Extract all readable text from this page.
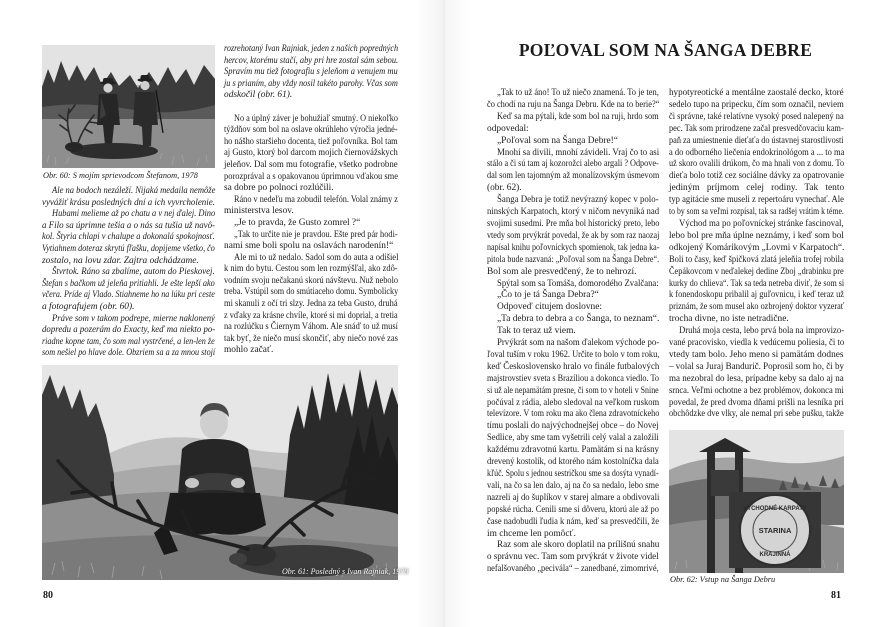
Obr. 60: S mojím sprievodcom Štefanom, 1978
Ale na bodoch nezáleží. Nijaká medaila nemôže
vyvážiť krásu posledných dní a ich vyvrcholenie.
Hubami melieme až po chatu a v nej ďalej. Dino
a Filo sa úprimne tešia a o nás sa tušia už navô-
kol. Štyria chlapi v chalupe a dokonalá spokojnosť.
Vytiahnem doteraz skrytú fľašku, dopijeme všetko, čo
zostalo, na lovu zdar. Zajtra odchádzame.
Štvrtok. Ráno sa zbalíme, autom do Pieskovej.
Štefan s bačkom už jeleňa pritiahli. Je ešte lepší ako
včera. Príde aj Vlado. Stiahneme ho na lúku pri ceste
a fotografujem (obr. 60).
Práve som v takom podrepe, mierne naklonený
dopredu a pozerám do Exacty, keď ma niekto po-
riadne kopne tam, čo som mal vystrčené, a len-len že
som nešiel po hlave dole. Obzriem sa a za mnou stojí
rozrehotaný Ivan Rajniak, jeden z našich popredných
hercov, ktorému stačí, aby pri hre zostal sám sebou.
Spravím mu tiež fotografiu s jeleňom a venujem mu
ju s prianím, aby vždy nosil takéto parohy. Včas som
odskočil (obr. 61).
No a úplný záver je bohužiaľ smutný. O niekoľko
týždňov som bol na oslave okrúhleho výročia jedné-
ho nášho staršieho docenta, tiež poľovníka. Bol tam
aj Gusto, ktorý bol darcom mojich čiernovážskych
jeleňov. Dal som mu fotografie, všetko podrobne
porozprával a s opakovanou úprimnou vďakou sme
sa dobre po polnoci rozlúčili.
Ráno v nedeľu ma zobudil telefón. Volal známy z
ministerstva lesov.
„Je to pravda, že Gusto zomrel ?“
„Tak to určite nie je pravdou. Ešte pred pár hodi-
nami sme boli spolu na oslavách narodenín!“
Ale mi to už nedalo. Sadol som do auta a odišiel
k nim do bytu. Cestou som len rozmýšľal, ako zdô-
vodním svoju nečakanú skorú návštevu. Nuž nebolo
treba. Vstúpil som do smútiaceho domu. Symbolicky
mi skanuli z očí tri slzy. Jedna za teba Gusto, druhá
z vďaky za krásne chvíle, ktoré si mi doprial, a tretia
na rozlúčku s Čiernym Váhom. Ale snáď to už musí
tak byť, že niečo musí skončiť, aby niečo nové zas
mohlo začať.
Obr. 61: Posledný s Ivan Rajniak, 1978
80
POĽOVAL SOM NA ŠANGA DEBRE
„Tak to už áno! To už niečo znamená. To je ten,
čo chodí na ruju na Šanga Debru. Kde na to berie?“
Keď sa ma pýtali, kde som bol na ruji, hrdo som
odpovedal:
„Poľoval som na Šanga Debre!“
Mnohí sa divili, mnohí závideli. Vraj čo to asi
stálo a či sú tam aj kozorožci alebo argali ? Odpove-
dal som len tajomným až monalízovským úsmevom
(obr. 62).
Šanga Debra je totiž nevýrazný kopec v polo-
ninských Karpatoch, ktorý v ničom nevyniká nad
svojimi susedmi. Pre mňa bol historický preto, lebo
vtedy som prvýkrát povedal, že ak by som raz naozaj
napísal knihu poľovníckych spomienok, tak jedna ka-
pitola bude nazvaná: „Poľoval som na Šanga Debre“.
Bol som ale presvedčený, že to nehrozí.
Spýtal som sa Tomáša, domorodého Zvalčana:
„Čo to je tá Šanga Debra?“
Odpoveď citujem doslovne:
„Ta debra to debra a co Šanga, to neznam“.
Tak to teraz už viem.
Prvýkrát som na našom ďalekom východe po-
ľoval tuším v roku 1962. Určite to bolo v tom roku,
keď Československo hralo vo finále futbalových
majstrovstiev sveta s Brazíliou a dokonca viedlo. To
si už ale nepamätám presne, či som to v hoteli v Snine
počúval z rádia, alebo sledoval na veľkom ruskom
televízore. V tom roku ma ako člena zdravotníckeho
tímu poslali do najvýchodnejšej obce – do Novej
Sedlice, aby sme tam vyšetrili celý valal a založili
každému zdravotnú kartu. Pamätám si na krásny
drevený kostolík, od ktorého nám kostolníčka dala
kľúč. Spolu s jednou sestričkou sme sa dosýta vynadí-
vali, na čo sa len dalo, aj na čo sa nedalo, lebo sme
nazreli aj do šuplíkov v starej almare a obdivovali
popské rúcha. Cenili sme si dôveru, ktorú ale až po
čase nadobudli ľudia k nám, keď sa presvedčili, že
im chceme len pomôcť.
Raz som ale skoro doplatil na prílišnú snahu
o správnu vec. Tam som prvýkrát v živote videl
nefalšovaného „pecivála“ – zanedbané, zimomrivé,
hypotyreotické a mentálne zaostalé decko, ktoré
sedelo tupo na pripecku, čím som označil, neviem
či správne, také relatívne vysoký posed nalepený na
pec. Tak som prirodzene začal presvedčovaciu kam-
paň za umiestnenie dieťaťa do ústavnej starostlivosti
a do odborného liečenia endokrinológom a ... to ma
už skoro ovalili drúkom, čo ma hnali von z domu. To
dieťa bolo totiž cez sociálne dávky za opatrovanie
jediným príjmom celej rodiny. Tak tento
typ agitácie sme museli z repertoáru vynechať. Ale
to by som sa veľmi rozpísal, tak sa radšej vrátim k téme.
Východ ma po poľovníckej stránke fascinoval,
lebo bol pre mňa úplne neznámy, i keď som bol
odkojený Komárikovým „Lovmi v Karpatoch“.
Boli to časy, keď špičková zlatá jeleňia trofej robila
Čepákovcom v neďalekej dedine Zboj „drabinku pre
kurky do chlieva“. Tak sa teda netreba diviť, že som si
k fonendoskopu pribalil aj guľovnicu, i keď teraz už
priznám, že som musel ako ozbrojený doktor vyzerať
trocha divne, no iste netradične.
Druhá moja cesta, lebo prvá bola na improvizo-
vané pracovisko, viedla k vedúcemu poliesia, či to
vtedy tam bolo. Jeho meno si pamätám dodnes
– volal sa Juraj Bandurič. Poprosil som ho, či by
ma nezobral do lesa, prípadne keby sa dalo aj na
srnca. Veľmi ochotne a bez problémov, dokonca mi
povedal, že pred dvoma dňami prišli na lesníka pri
obchôdzke dve vlky, ale nemal pri sebe pušku, takže
VÝCHODNÉ KARPATY
STARINA
KRAJINNÁ
Obr. 62: Vstup na Šanga Debru
81
